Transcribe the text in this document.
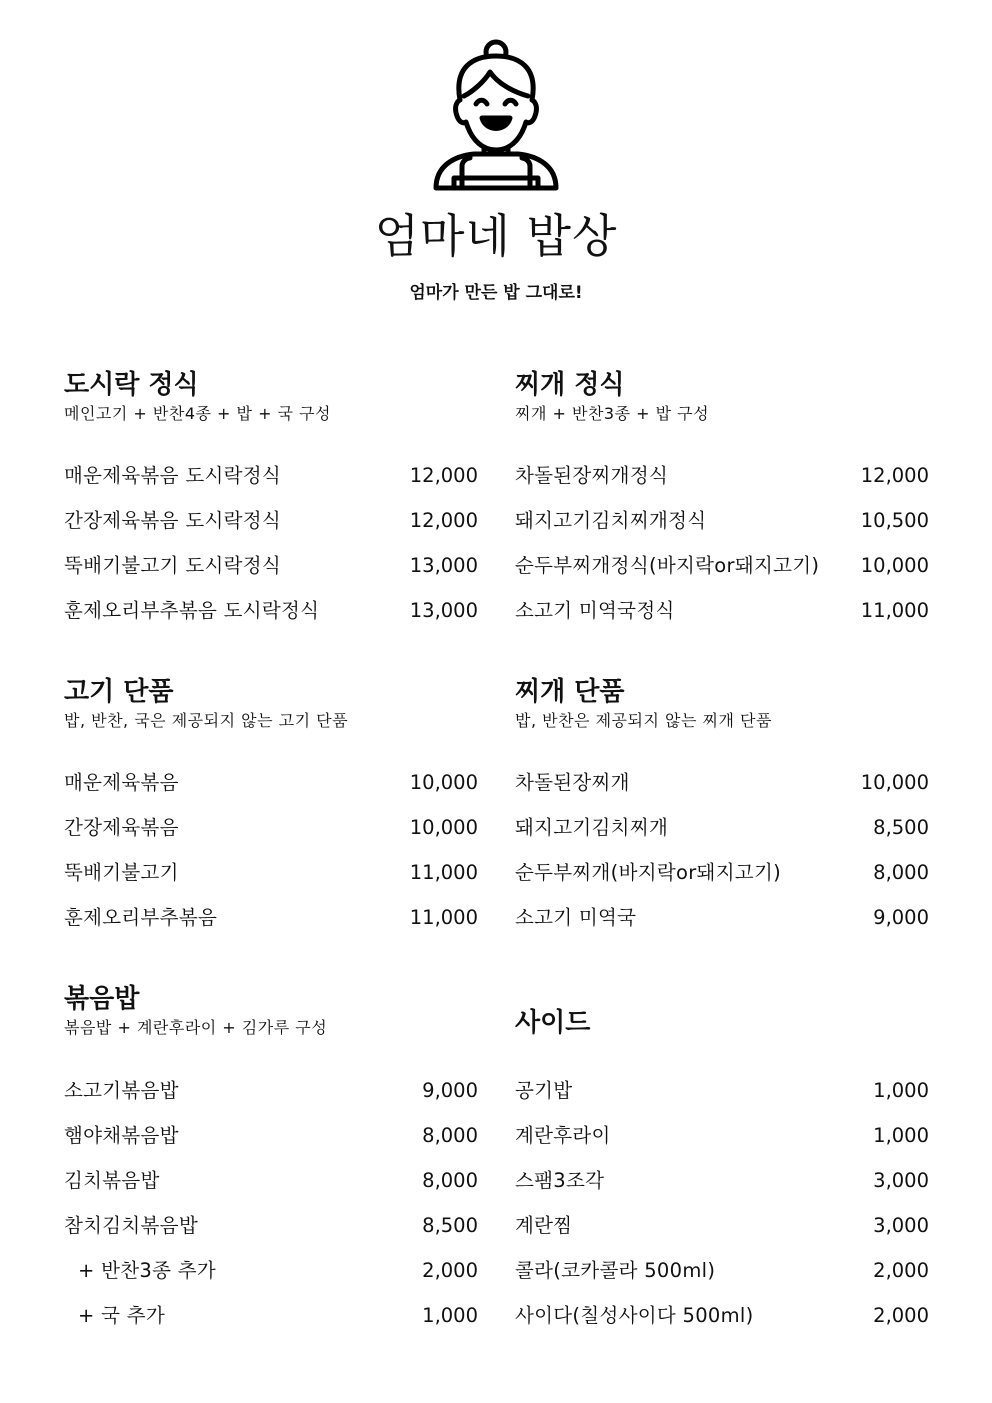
엄마네 밥상
엄마가 만든 밥 그대로!
도시락 정식
메인고기 + 반찬4종 + 밥 + 국 구성
매운제육볶음 도시락정식	12,000
간장제육볶음 도시락정식	12,000
뚝배기불고기 도시락정식	13,000
훈제오리부추볶음 도시락정식	13,000
찌개 정식
찌개 + 반찬3종 + 밥 구성
차돌된장찌개정식	12,000
돼지고기김치찌개정식	10,500
순두부찌개정식(바지락or돼지고기) 10,000
소고기 미역국정식	11,000
고기 단품
밥, 반찬, 국은 제공되지 않는 고기 단품
매운제육볶음	10,000
간장제육볶음	10,000
뚝배기불고기	11,000
훈제오리부추볶음	11,000
찌개 단품
밥, 반찬은 제공되지 않는 찌개 단품
차돌된장찌개	10,000
돼지고기김치찌개	8,500
순두부찌개(바지락or돼지고기)	8,000
소고기 미역국	9,000
볶음밥
볶음밥 + 계란후라이 + 김가루 구성
소고기볶음밥	9,000
햄야채볶음밥	8,000
김치볶음밥	8,000
참치김치볶음밥	8,500
+ 반찬3종 추가	2,000
+ 국 추가	1,000
사이드
공기밥	1,000
계란후라이	1,000
스팸3조각	3,000
계란찜	3,000
콜라(코카콜라 500ml)	2,000
사이다(칠성사이다 500ml)	2,000
